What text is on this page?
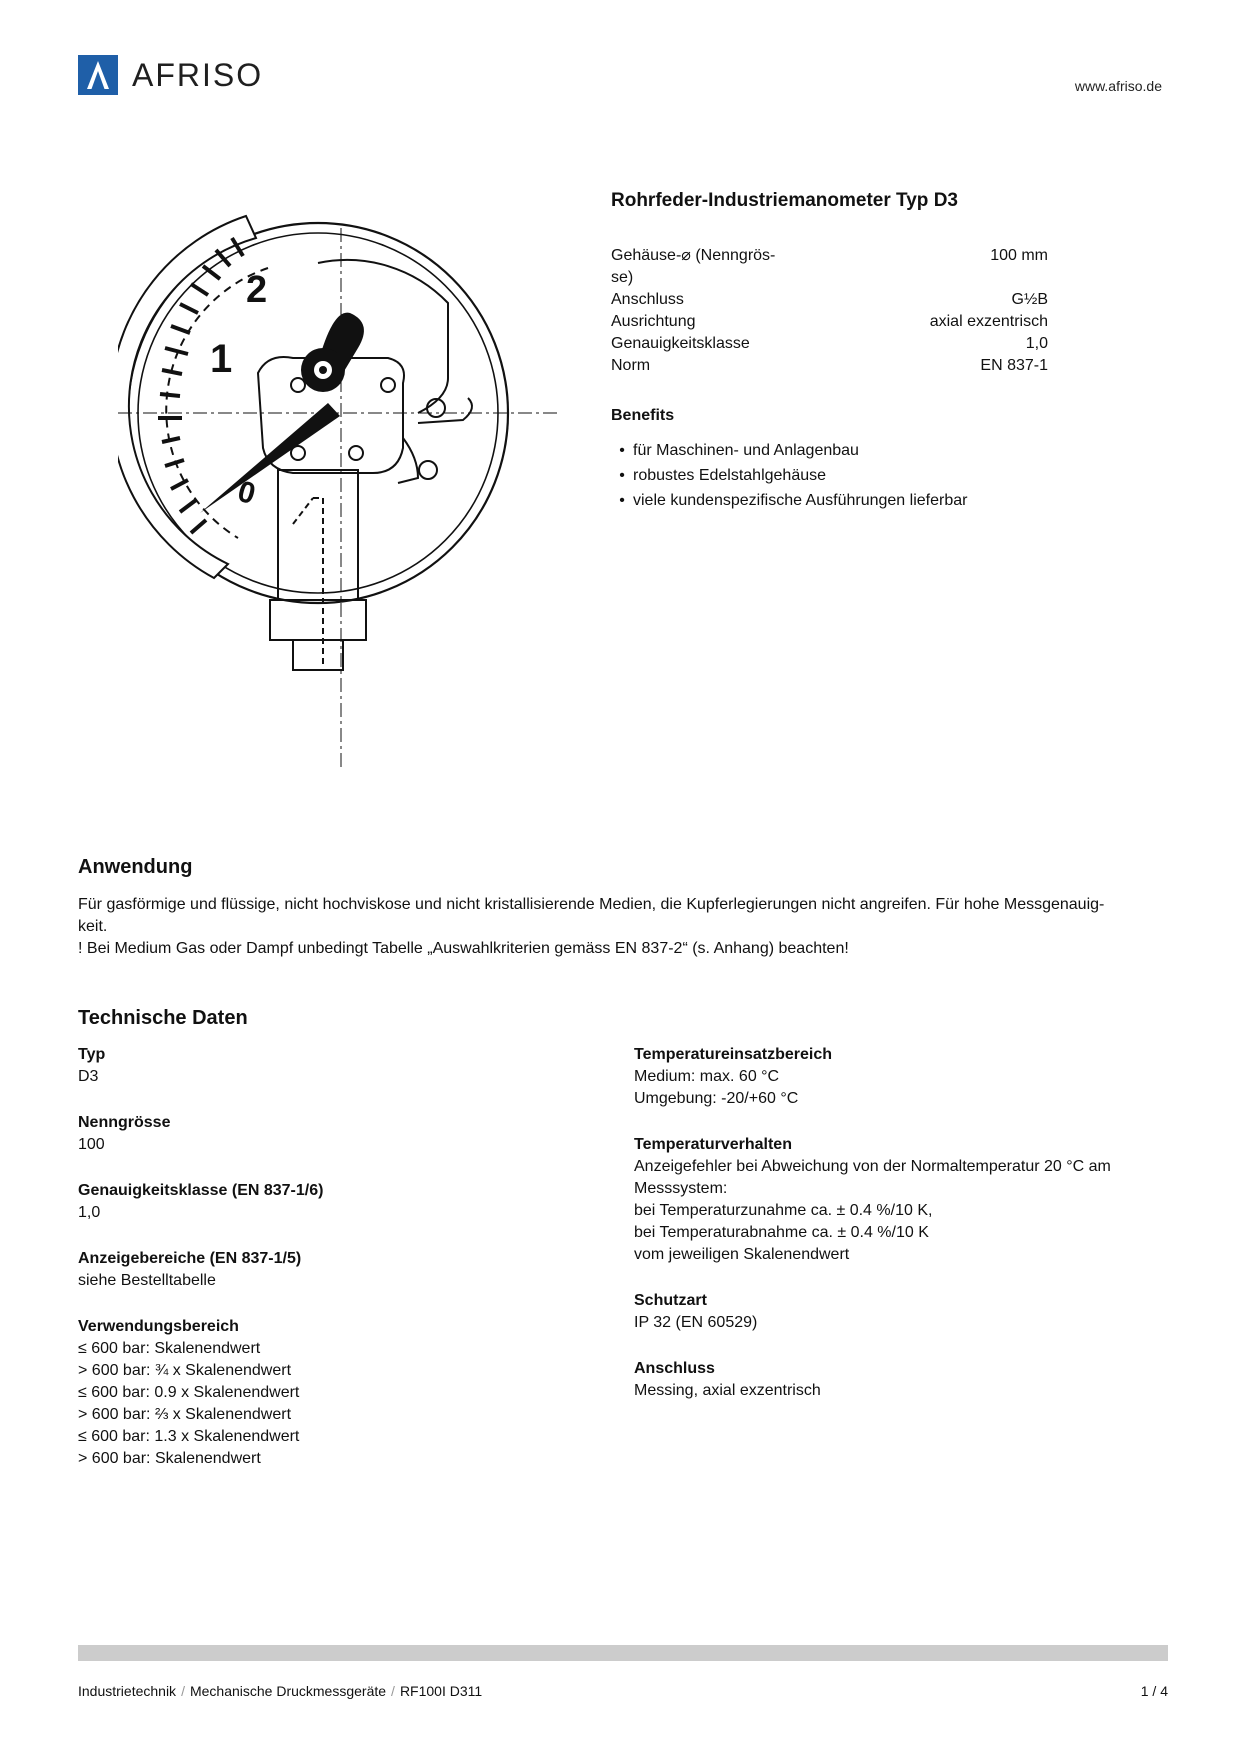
AFRISO	www.afriso.de
0
1
2
Rohrfeder-Industriemanometer Typ D3
Gehäuse-⌀ (Nenngrös-
se)	100 mm
Anschluss	G½B
Ausrichtung	axial exzentrisch
Genauigkeitsklasse	1,0
Norm	EN 837-1
Benefits
• für Maschinen- und Anlagenbau
• robustes Edelstahlgehäuse
• viele kundenspezifische Ausführungen lieferbar
Anwendung
Für gasförmige und flüssige, nicht hochviskose und nicht kristallisierende Medien, die Kupferlegierungen nicht angreifen. Für hohe Messgenauig-
keit.
! Bei Medium Gas oder Dampf unbedingt Tabelle „Auswahlkriterien gemäss EN 837-2“ (s. Anhang) beachten!
Technische Daten
Typ
D3
Nenngrösse
100
Genauigkeitsklasse (EN 837-1/6)
1,0
Anzeigebereiche (EN 837-1/5)
siehe Bestelltabelle
Verwendungsbereich
≤ 600 bar: Skalenendwert
> 600 bar: ¾ x Skalenendwert
≤ 600 bar: 0.9 x Skalenendwert
> 600 bar: ⅔ x Skalenendwert
≤ 600 bar: 1.3 x Skalenendwert
> 600 bar: Skalenendwert
Temperatureinsatzbereich
Medium: max. 60 °C
Umgebung: -20/+60 °C
Temperaturverhalten
Anzeigefehler bei Abweichung von der Normaltemperatur 20 °C am
Messsystem:
bei Temperaturzunahme ca. ± 0.4 %/10 K,
bei Temperaturabnahme ca. ± 0.4 %/10 K
vom jeweiligen Skalenendwert
Schutzart
IP 32 (EN 60529)
Anschluss
Messing, axial exzentrisch
Industrietechnik / Mechanische Druckmessgeräte / RF100I D311	1 / 4
